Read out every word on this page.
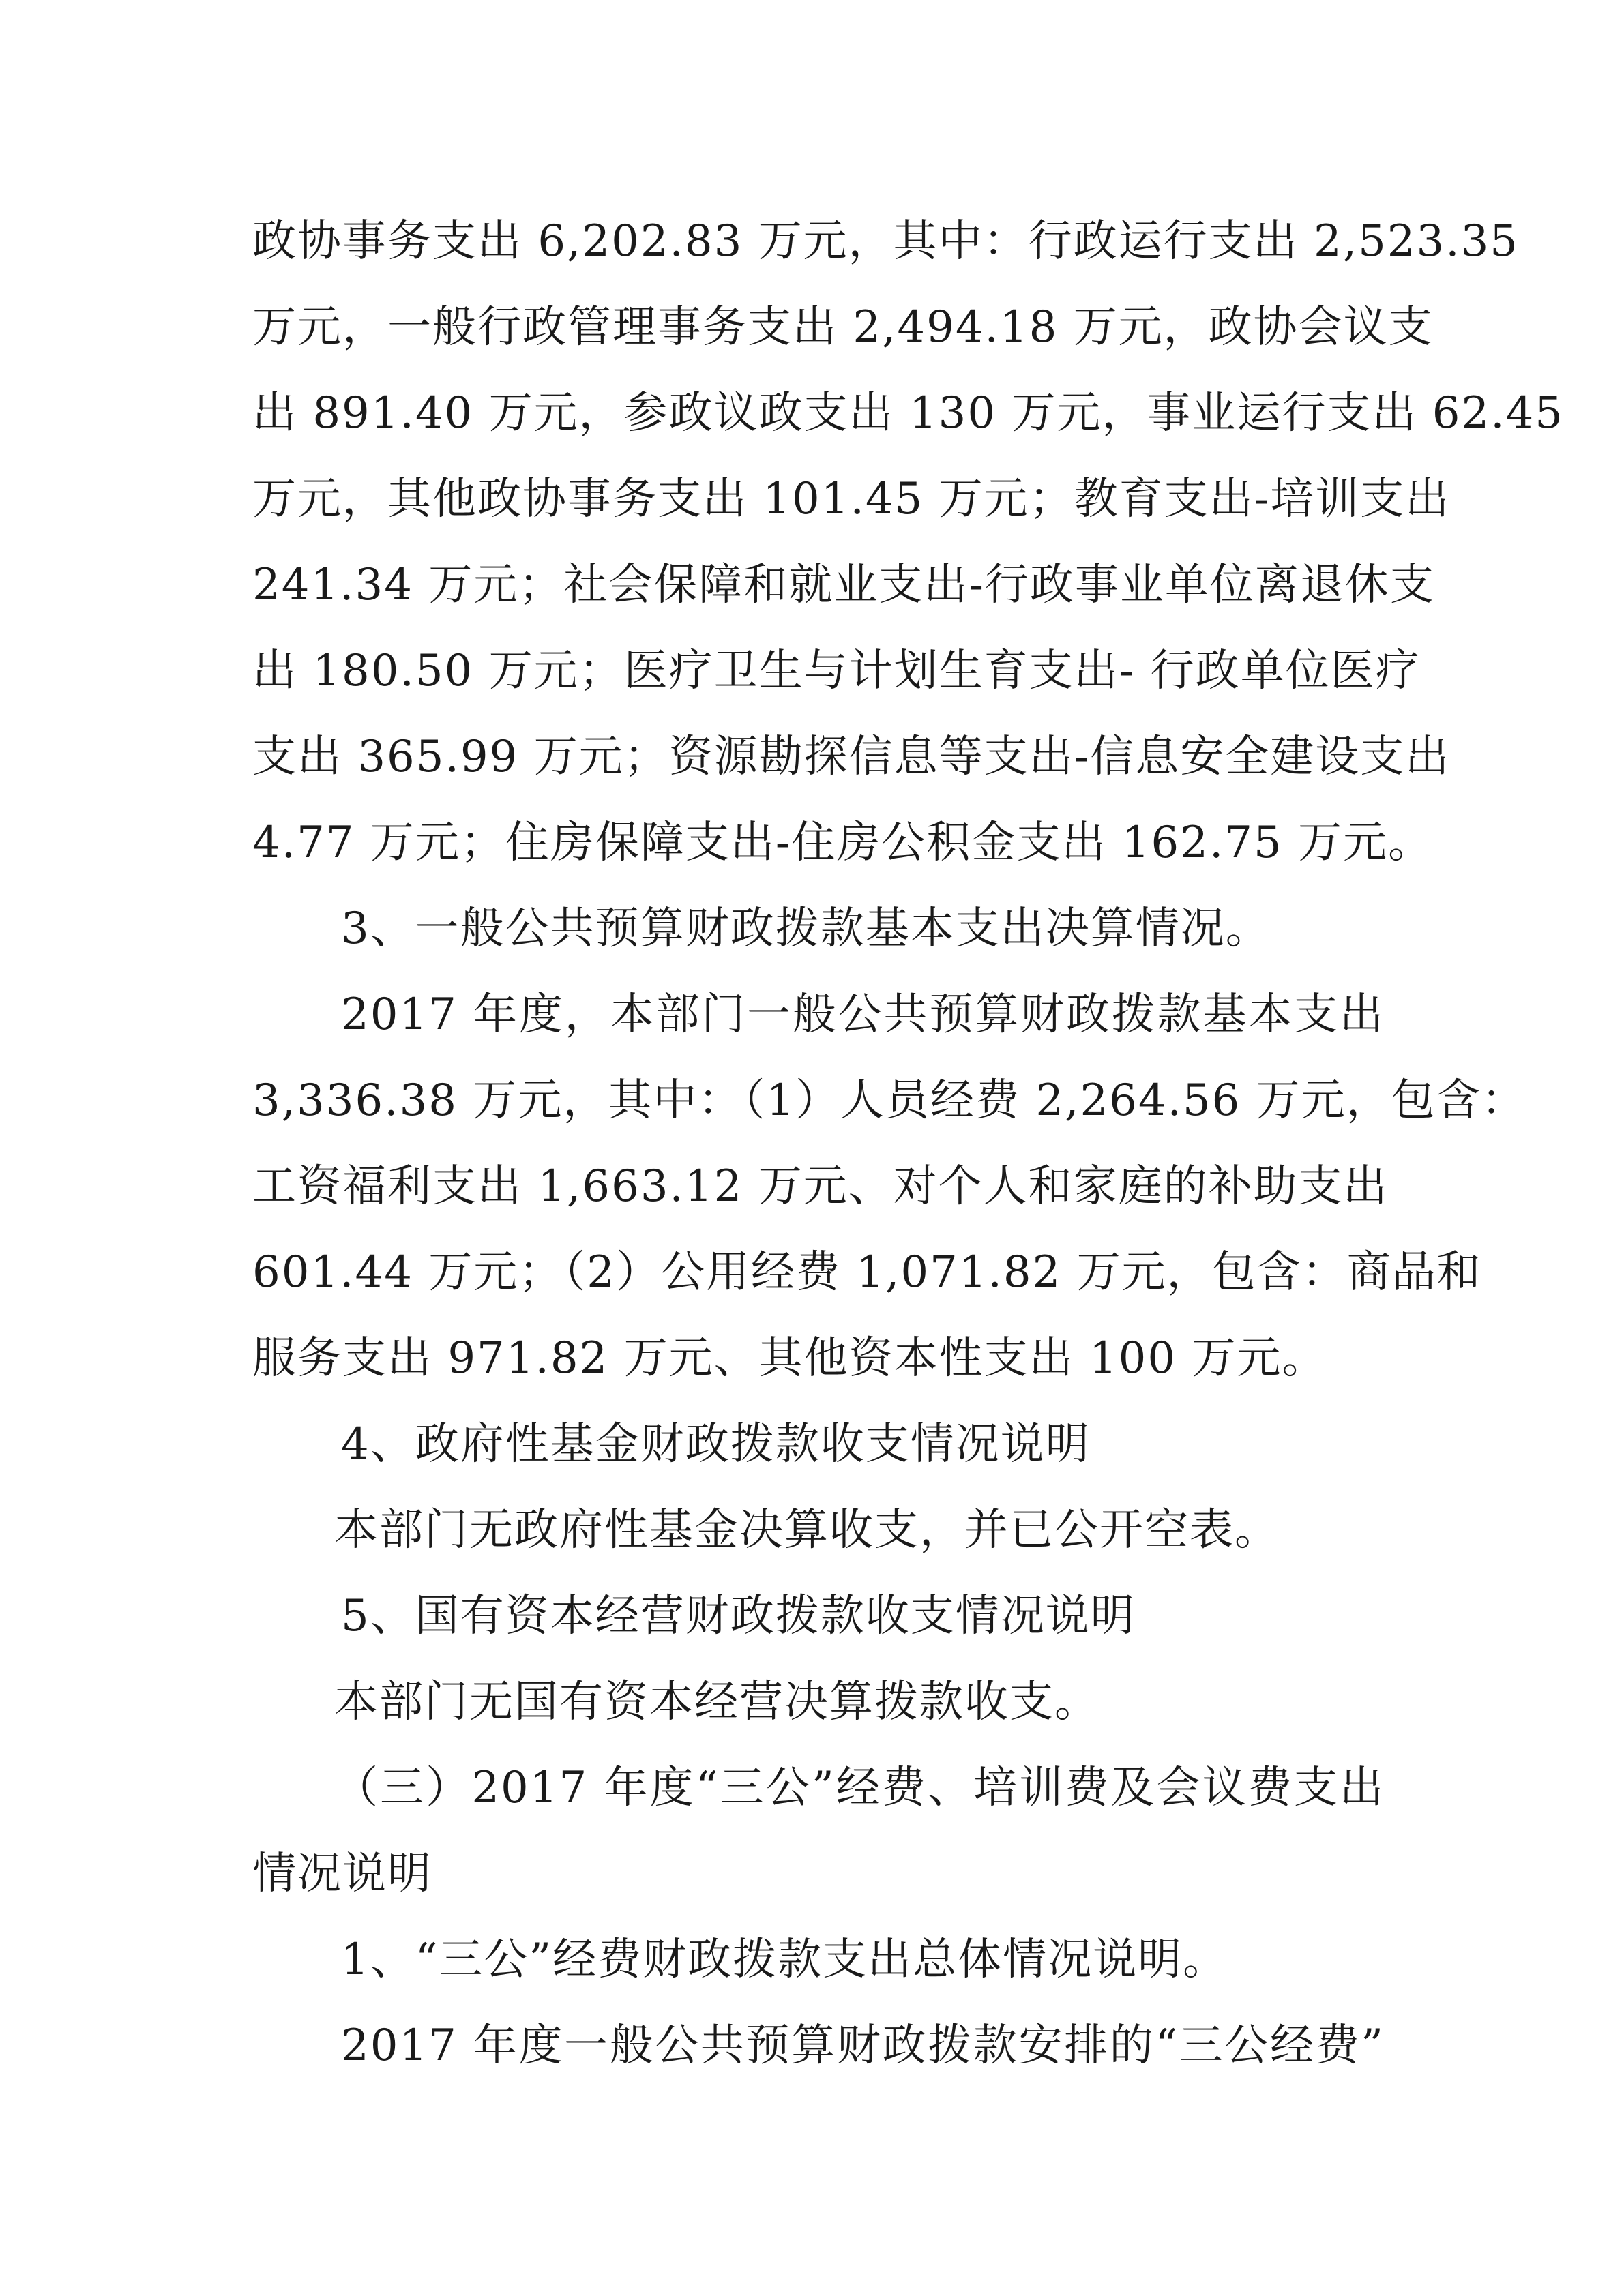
政协事务支出 6,202.83 万元，其中：行政运行支出 2,523.35
万元，一般行政管理事务支出 2,494.18 万元，政协会议支
出 891.40 万元，参政议政支出 130 万元，事业运行支出 62.45
万元，其他政协事务支出 101.45 万元；教育支出-培训支出
241.34 万元；社会保障和就业支出-行政事业单位离退休支
出 180.50 万元；医疗卫生与计划生育支出- 行政单位医疗
支出 365.99 万元；资源勘探信息等支出-信息安全建设支出
4.77 万元；住房保障支出-住房公积金支出 162.75 万元。
3、一般公共预算财政拨款基本支出决算情况。
2017 年度，本部门一般公共预算财政拨款基本支出
3,336.38 万元，其中：（1）人员经费 2,264.56 万元，包含：
工资福利支出 1,663.12 万元、对个人和家庭的补助支出
601.44 万元；（2）公用经费 1,071.82 万元，包含：商品和
服务支出 971.82 万元、其他资本性支出 100 万元。
4、政府性基金财政拨款收支情况说明
本部门无政府性基金决算收支，并已公开空表。
5、国有资本经营财政拨款收支情况说明
本部门无国有资本经营决算拨款收支。
（三）2017 年度“三公”经费、培训费及会议费支出
情况说明
1、“三公”经费财政拨款支出总体情况说明。
2017 年度一般公共预算财政拨款安排的“三公经费”
